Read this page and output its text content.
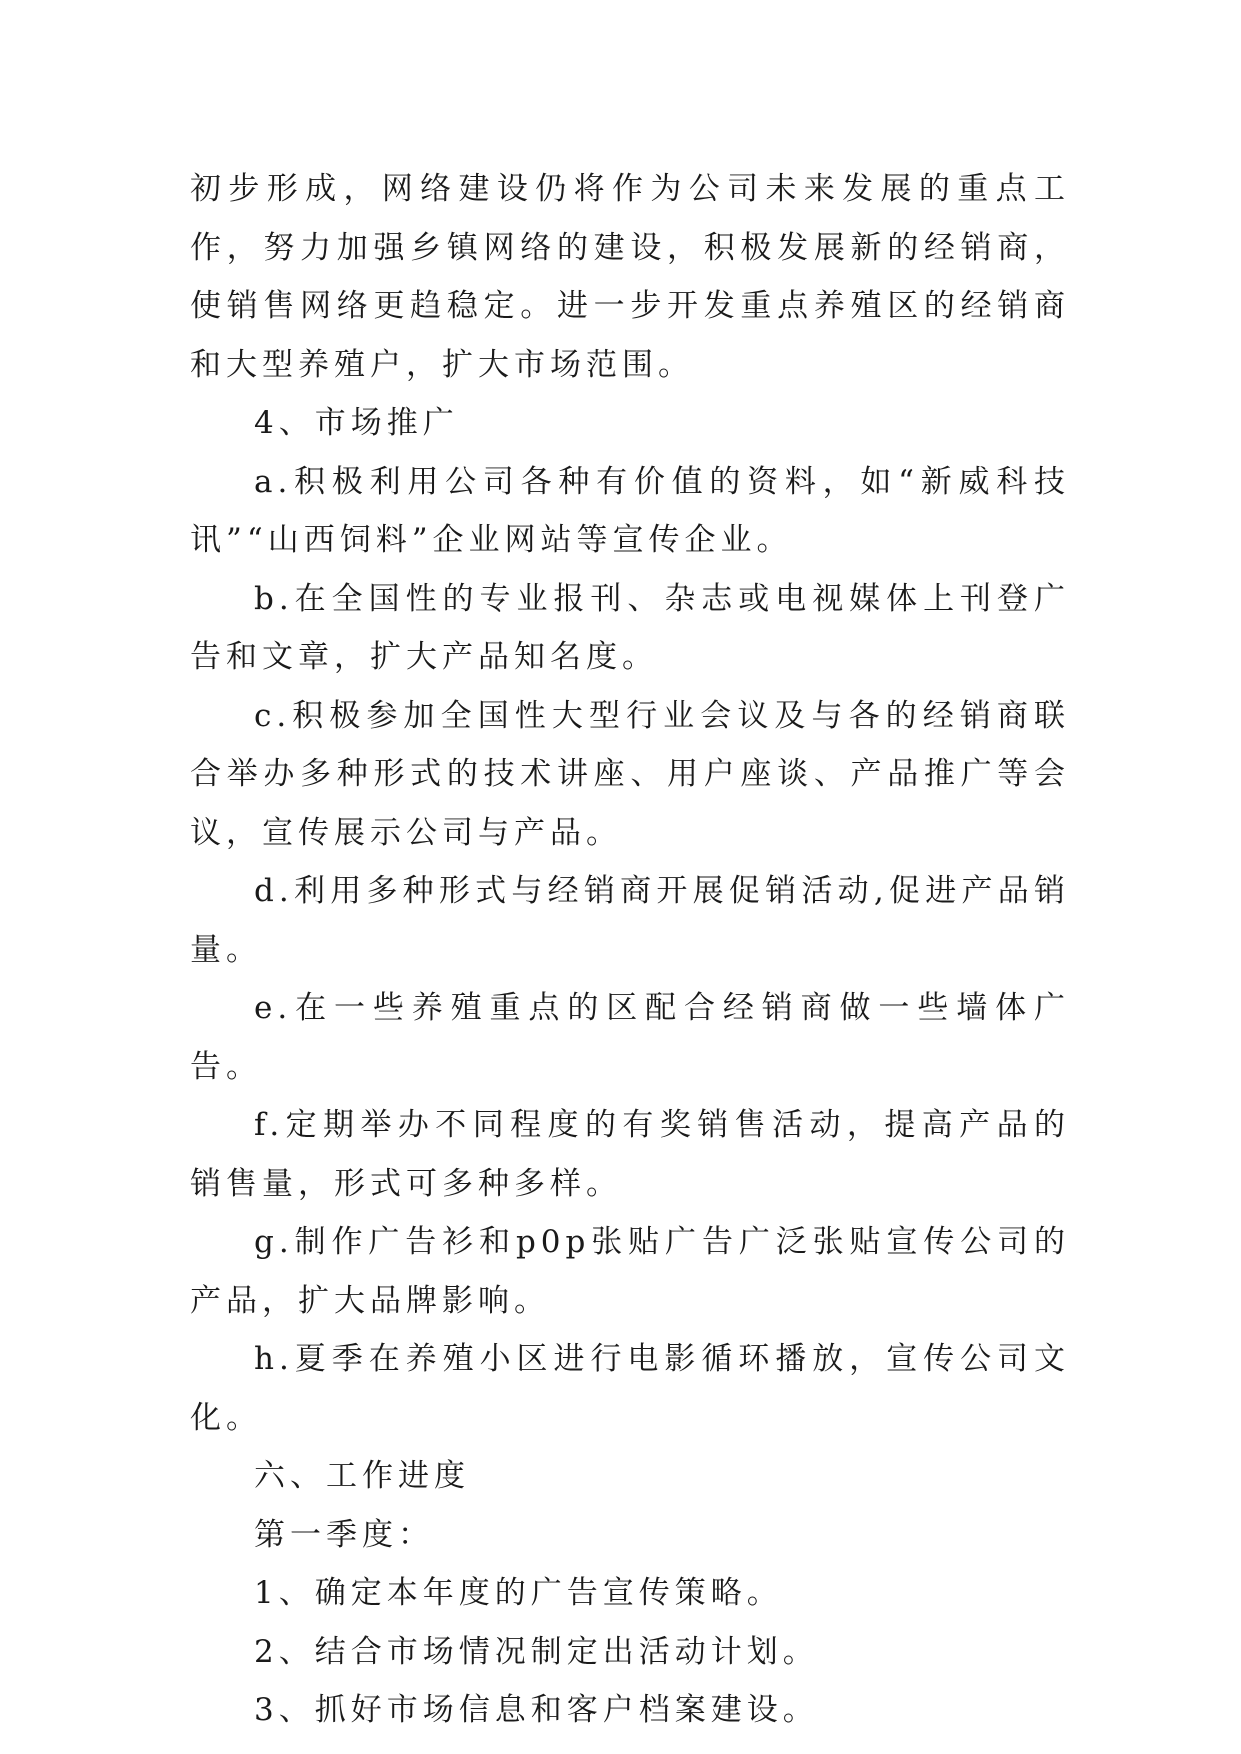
初步形成，网络建设仍将作为公司未来发展的重点工作，努力加强乡镇网络的建设，积极发展新的经销商，使销售网络更趋稳定。进一步开发重点养殖区的经销商和大型养殖户，扩大市场范围。

4、市场推广

a.积极利用公司各种有价值的资料，如“新威科技讯”“山西饲料”企业网站等宣传企业。

b.在全国性的专业报刊、杂志或电视媒体上刊登广告和文章，扩大产品知名度。

c.积极参加全国性大型行业会议及与各的经销商联合举办多种形式的技术讲座、用户座谈、产品推广等会议，宣传展示公司与产品。

d.利用多种形式与经销商开展促销活动,促进产品销量。

e.在一些养殖重点的区配合经销商做一些墙体广告。

f.定期举办不同程度的有奖销售活动，提高产品的销售量，形式可多种多样。

g.制作广告衫和p0p张贴广告广泛张贴宣传公司的产品，扩大品牌影响。

h.夏季在养殖小区进行电影循环播放，宣传公司文化。

六、工作进度

第一季度：

1、确定本年度的广告宣传策略。

2、结合市场情况制定出活动计划。

3、抓好市场信息和客户档案建设。
